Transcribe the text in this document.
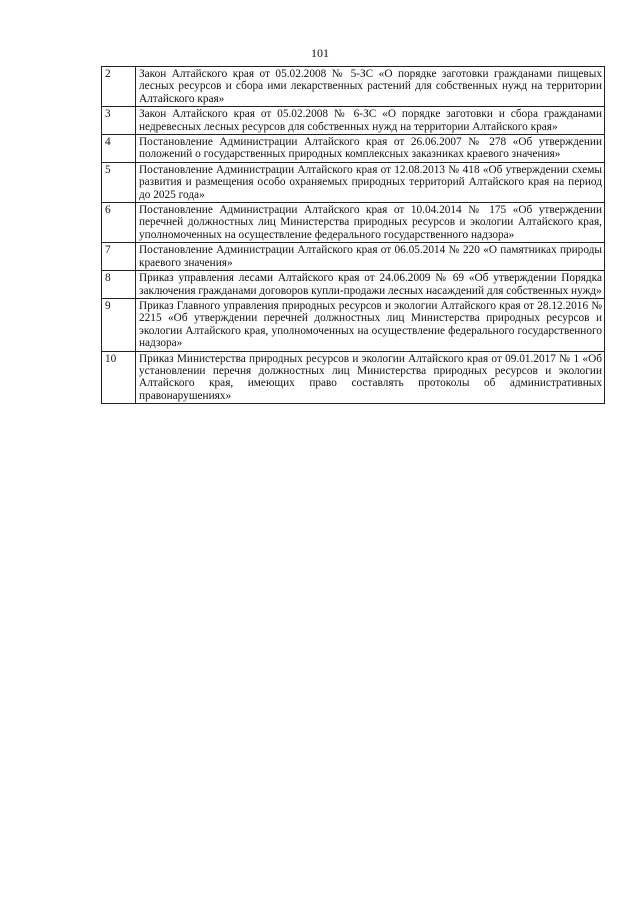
101
2	Закон Алтайского края от 05.02.2008 № 5-ЗС «О порядке заготовки гражданами пищевых лесных ресурсов и сбора ими лекарственных растений для собственных нужд на территории Алтайского края»
3	Закон Алтайского края от 05.02.2008 № 6-ЗС «О порядке заготовки и сбора гражданами недревесных лесных ресурсов для собственных нужд на территории Алтайского края»
4	Постановление Администрации Алтайского края от 26.06.2007 № 278 «Об утверждении положений о государственных природных комплексных заказниках краевого значения»
5	Постановление Администрации Алтайского края от 12.08.2013 № 418 «Об утверждении схемы развития и размещения особо охраняемых природных территорий Алтайского края на период до 2025 года»
6	Постановление Администрации Алтайского края от 10.04.2014 № 175 «Об утверждении перечней должностных лиц Министерства природных ресурсов и экологии Алтайского края, уполномоченных на осуществление федерального государственного надзора»
7	Постановление Администрации Алтайского края от 06.05.2014 № 220 «О памятниках природы краевого значения»
8	Приказ управления лесами Алтайского края от 24.06.2009 № 69 «Об утверждении Порядка заключения гражданами договоров купли-продажи лесных насаждений для собственных нужд»
9	Приказ Главного управления природных ресурсов и экологии Алтайского края от 28.12.2016 № 2215 «Об утверждении перечней должностных лиц Министерства природных ресурсов и экологии Алтайского края, уполномоченных на осуществление федерального государственного надзора»
10	Приказ Министерства природных ресурсов и экологии Алтайского края от 09.01.2017 № 1 «Об установлении перечня должностных лиц Министерства природных ресурсов и экологии Алтайского края, имеющих право составлять протоколы об административных правонарушениях»
